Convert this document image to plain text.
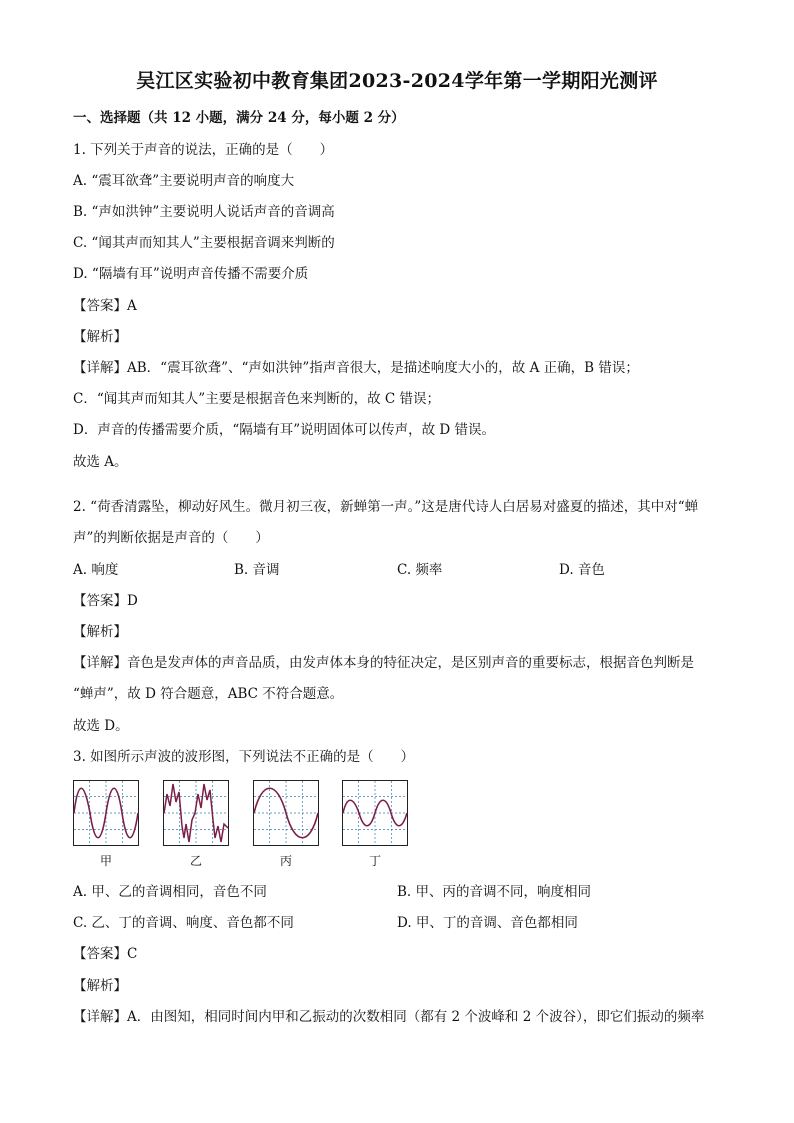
吴江区实验初中教育集团2023-2024学年第一学期阳光测评
一、选择题（共 12 小题，满分 24 分，每小题 2 分）
1. 下列关于声音的说法，正确的是（　　）
A. “震耳欲聋”主要说明声音的响度大
B. “声如洪钟”主要说明人说话声音的音调高
C. “闻其声而知其人”主要根据音调来判断的
D. “隔墙有耳”说明声音传播不需要介质
【答案】A
【解析】
【详解】AB．“震耳欲聋”、“声如洪钟”指声音很大，是描述响度大小的，故 A 正确，B 错误；
C．“闻其声而知其人”主要是根据音色来判断的，故 C 错误；
D．声音的传播需要介质，“隔墙有耳”说明固体可以传声，故 D 错误。
故选 A。
2. “荷香清露坠，柳动好风生。微月初三夜，新蝉第一声。”这是唐代诗人白居易对盛夏的描述，其中对“蝉
声”的判断依据是声音的（　　）
A. 响度	B. 音调	C. 频率	D. 音色
【答案】D
【解析】
【详解】音色是发声体的声音品质，由发声体本身的特征决定，是区别声音的重要标志，根据音色判断是
“蝉声”，故 D 符合题意，ABC 不符合题意。
故选 D。
3. 如图所示声波的波形图，下列说法不正确的是（　　）
甲	乙	丙	丁
A. 甲、乙的音调相同，音色不同	B. 甲、丙的音调不同，响度相同
C. 乙、丁的音调、响度、音色都不同	D. 甲、丁的音调、音色都相同
【答案】C
【解析】
【详解】A．由图知，相同时间内甲和乙振动的次数相同（都有 2 个波峰和 2 个波谷），即它们振动的频率
